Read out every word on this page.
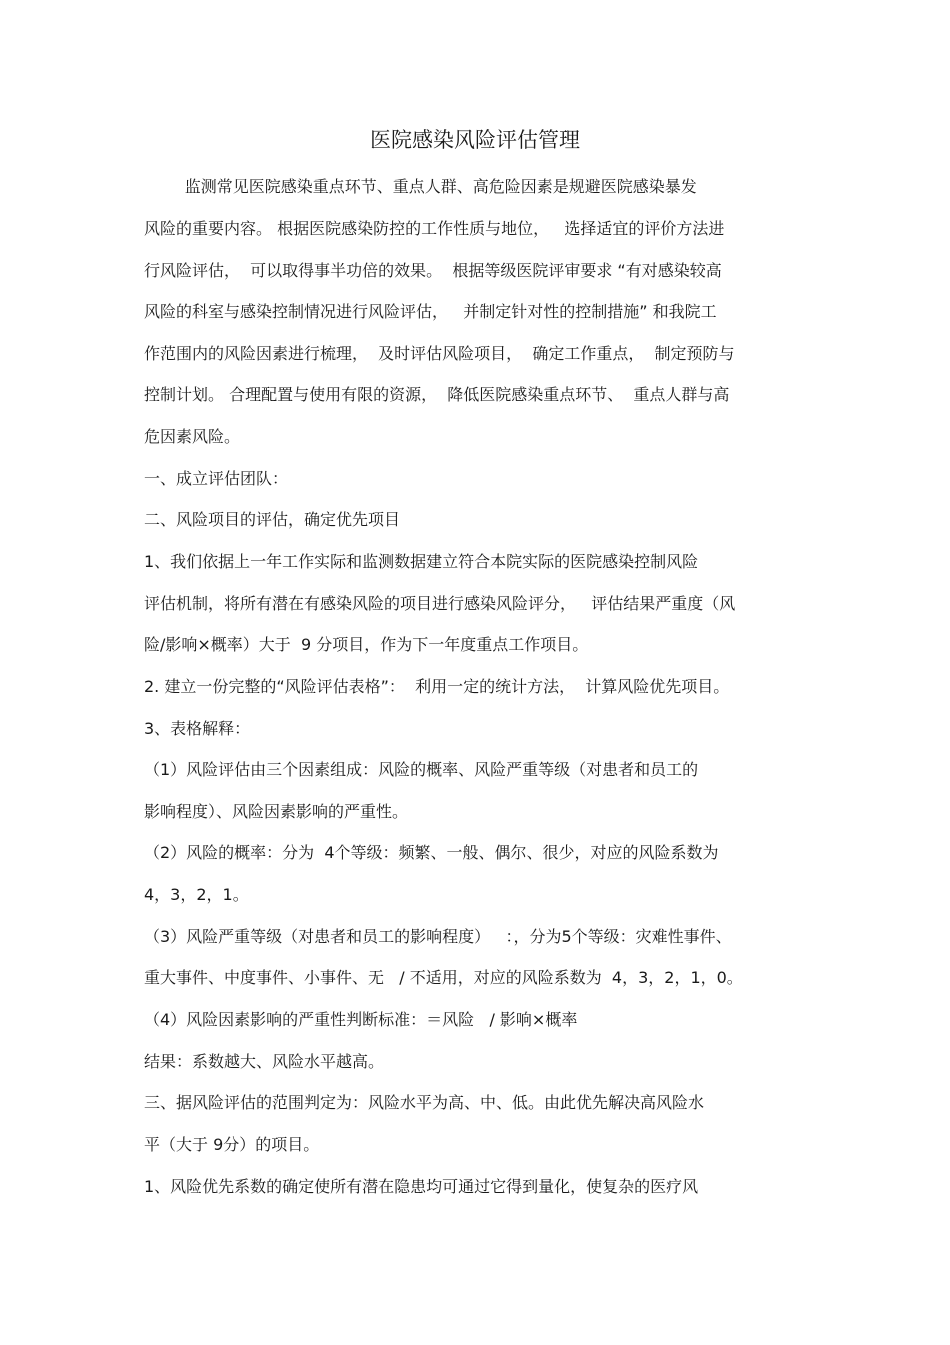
医院感染风险评估管理
监测常见医院感染重点环节、重点人群、高危险因素是规避医院感染暴发
风险的重要内容。 根据医院感染防控的工作性质与地位，   选择适宜的评价方法进
行风险评估，  可以取得事半功倍的效果。  根据等级医院评审要求 “有对感染较高
风险的科室与感染控制情况进行风险评估，   并制定针对性的控制措施” 和我院工
作范围内的风险因素进行梳理，  及时评估风险项目，  确定工作重点，  制定预防与
控制计划。 合理配置与使用有限的资源，  降低医院感染重点环节、  重点人群与高
危因素风险。
一、成立评估团队：
二、风险项目的评估，确定优先项目
1、我们依据上一年工作实际和监测数据建立符合本院实际的医院感染控制风险
评估机制，将所有潜在有感染风险的项目进行感染风险评分，   评估结果严重度（风
险/影响×概率）大于  9 分项目，作为下一年度重点工作项目。
2. 建立一份完整的“风险评估表格”：  利用一定的统计方法，  计算风险优先项目。
3、表格解释：
（1）风险评估由三个因素组成：风险的概率、风险严重等级（对患者和员工的
影响程度）、风险因素影响的严重性。
（2）风险的概率：分为  4个等级：频繁、一般、偶尔、很少，对应的风险系数为
4，3，2，1。
（3）风险严重等级（对患者和员工的影响程度）   ：，分为5个等级：灾难性事件、
重大事件、中度事件、小事件、无   / 不适用，对应的风险系数为  4，3，2，1，0。
（4）风险因素影响的严重性判断标准：＝风险   / 影响×概率
结果：系数越大、风险水平越高。
三、据风险评估的范围判定为：风险水平为高、中、低。由此优先解决高风险水
平（大于 9分）的项目。
1、风险优先系数的确定使所有潜在隐患均可通过它得到量化，使复杂的医疗风
